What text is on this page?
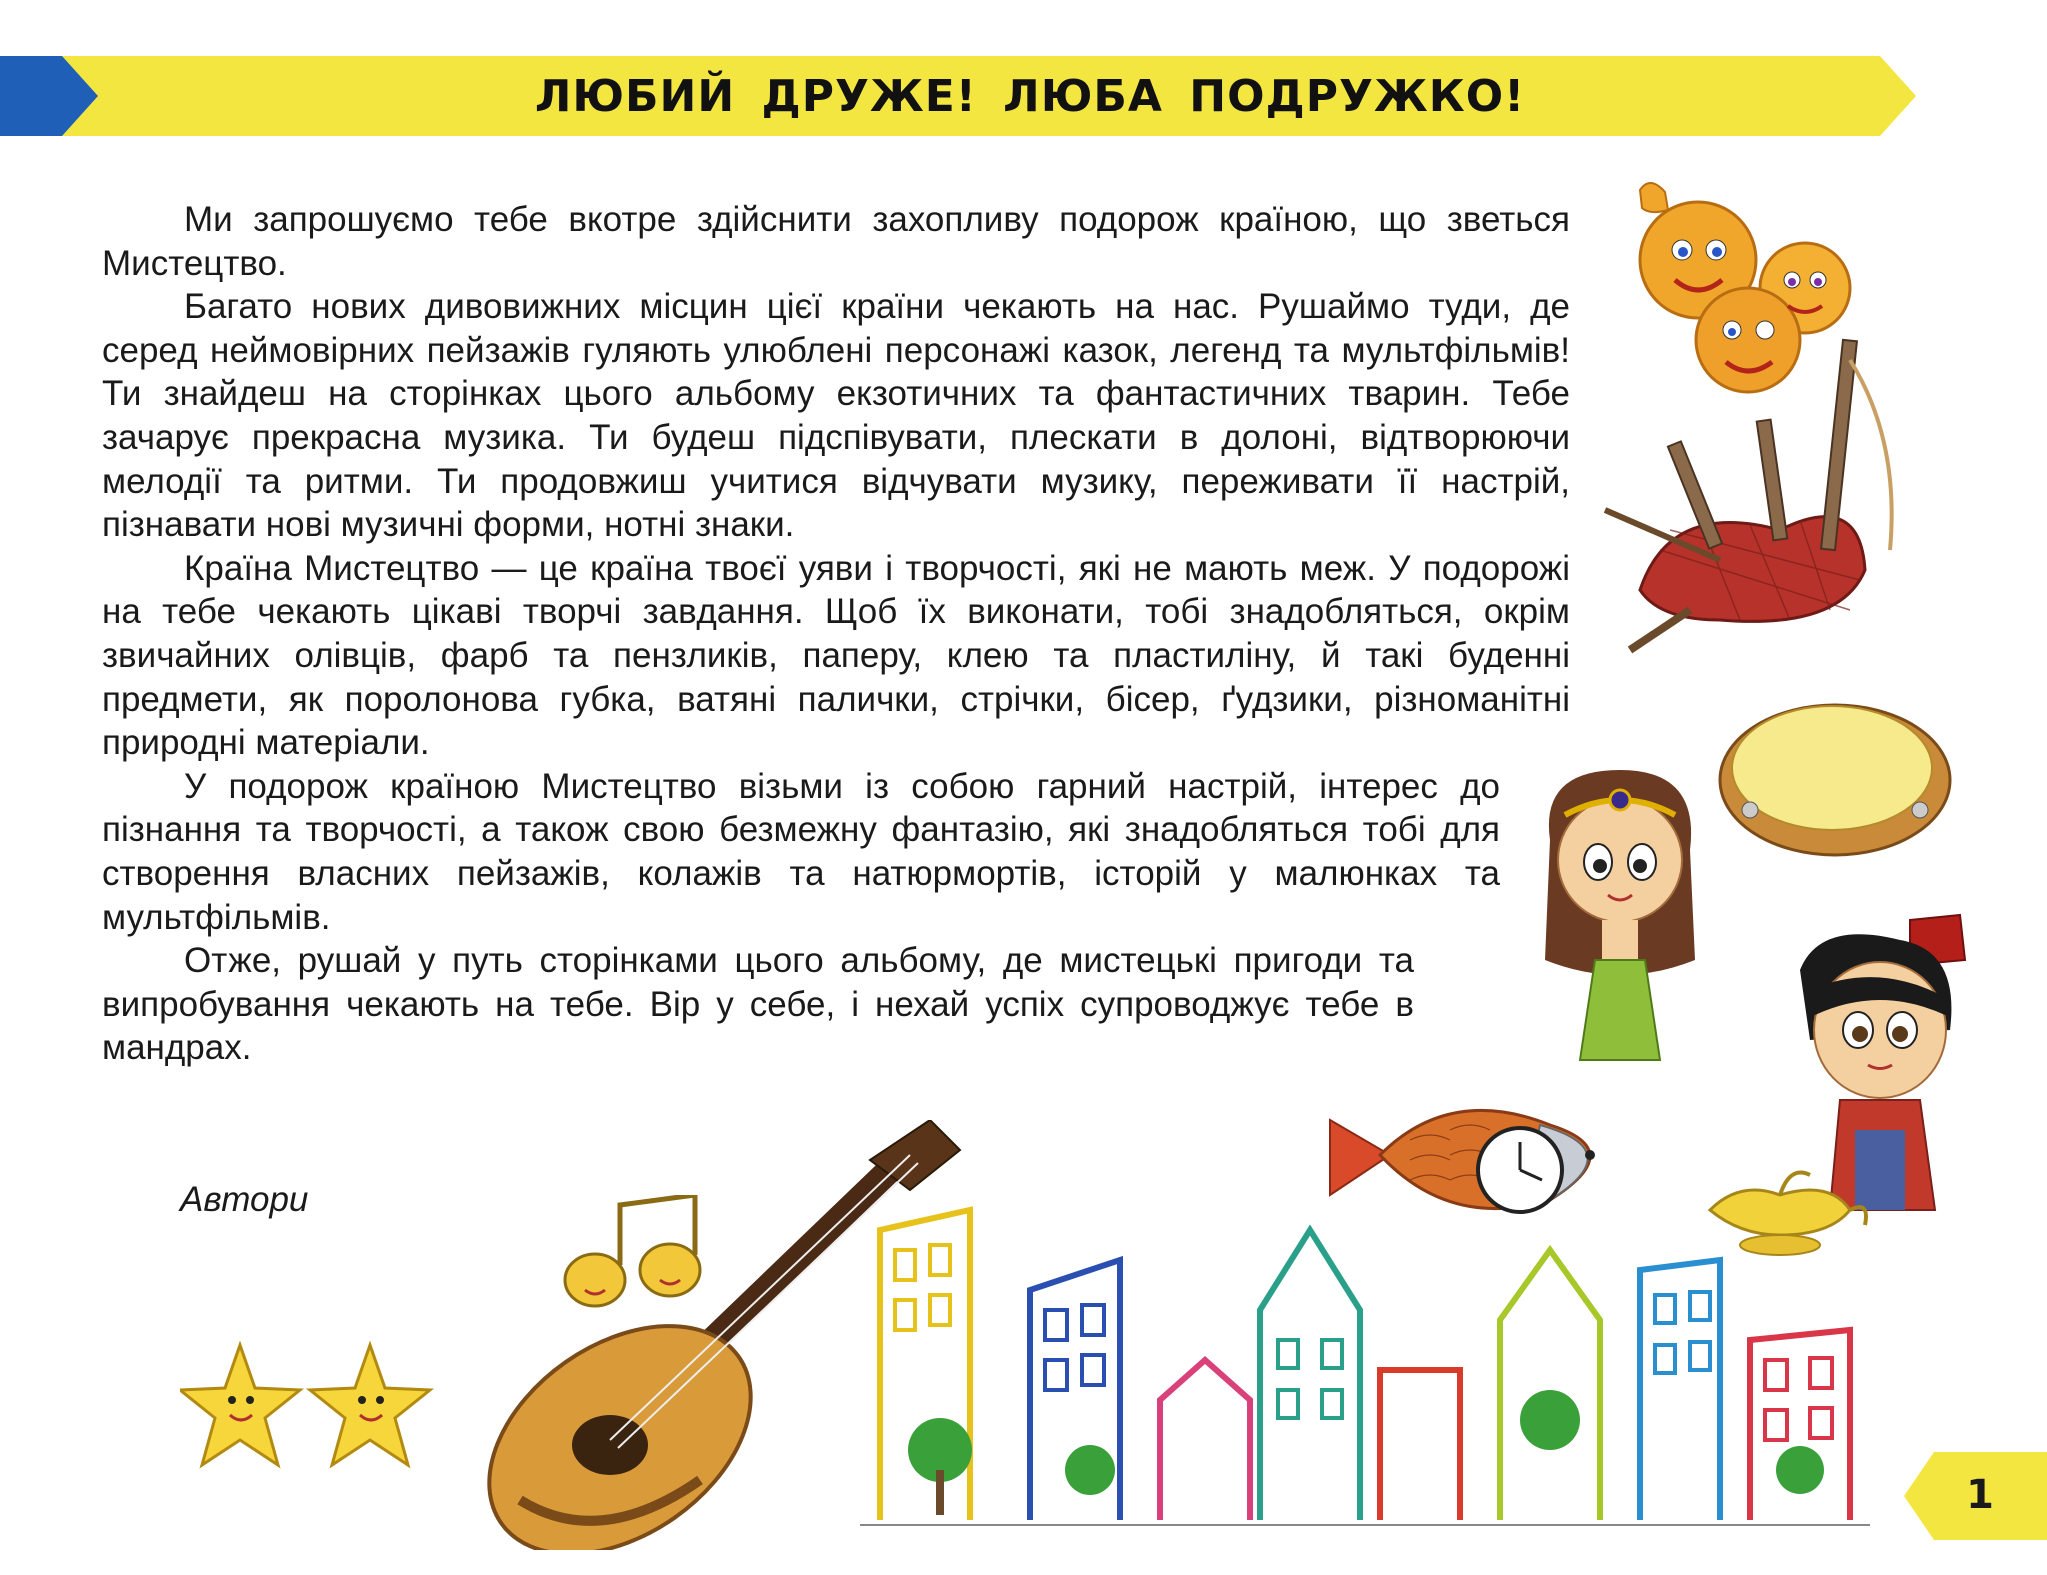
ЛЮБИЙ ДРУЖЕ! ЛЮБА ПОДРУЖКО!

Ми запрошуємо тебе вкотре здійснити захопливу подорож країною, що зветься Мистецтво.

Багато нових дивовижних місцин цієї країни чекають на нас. Рушаймо туди, де серед неймовірних пейзажів гуляють улюблені персонажі казок, легенд та мультфільмів! Ти знайдеш на сторінках цього альбому екзотичних та фантастичних тварин. Тебе зачарує прекрасна музика. Ти будеш підспівувати, плескати в долоні, відтворюючи мелодії та ритми. Ти продовжиш учитися відчувати музику, переживати її настрій, пізнавати нові музичні форми, нотні знаки.

Країна Мистецтво — це країна твоєї уяви і творчості, які не мають меж. У подорожі на тебе чекають цікаві творчі завдання. Щоб їх виконати, тобі знадобляться, окрім звичайних олівців, фарб та пензликів, паперу, клею та пластиліну, й такі буденні предмети, як поролонова губка, ватяні палички, стрічки, бісер, ґудзики, різноманітні природні матеріали.

У подорож країною Мистецтво візьми із собою гарний настрій, інтерес до пізнання та творчості, а також свою безмежну фантазію, які знадобляться тобі для створення власних пейзажів, колажів та натюрмортів, історій у малюнках та мультфільмів.

Отже, рушай у путь сторінками цього альбому, де мистецькі пригоди та випробування чекають на тебе. Вір у себе, і нехай успіх супроводжує тебе в мандрах.

Автори
1
